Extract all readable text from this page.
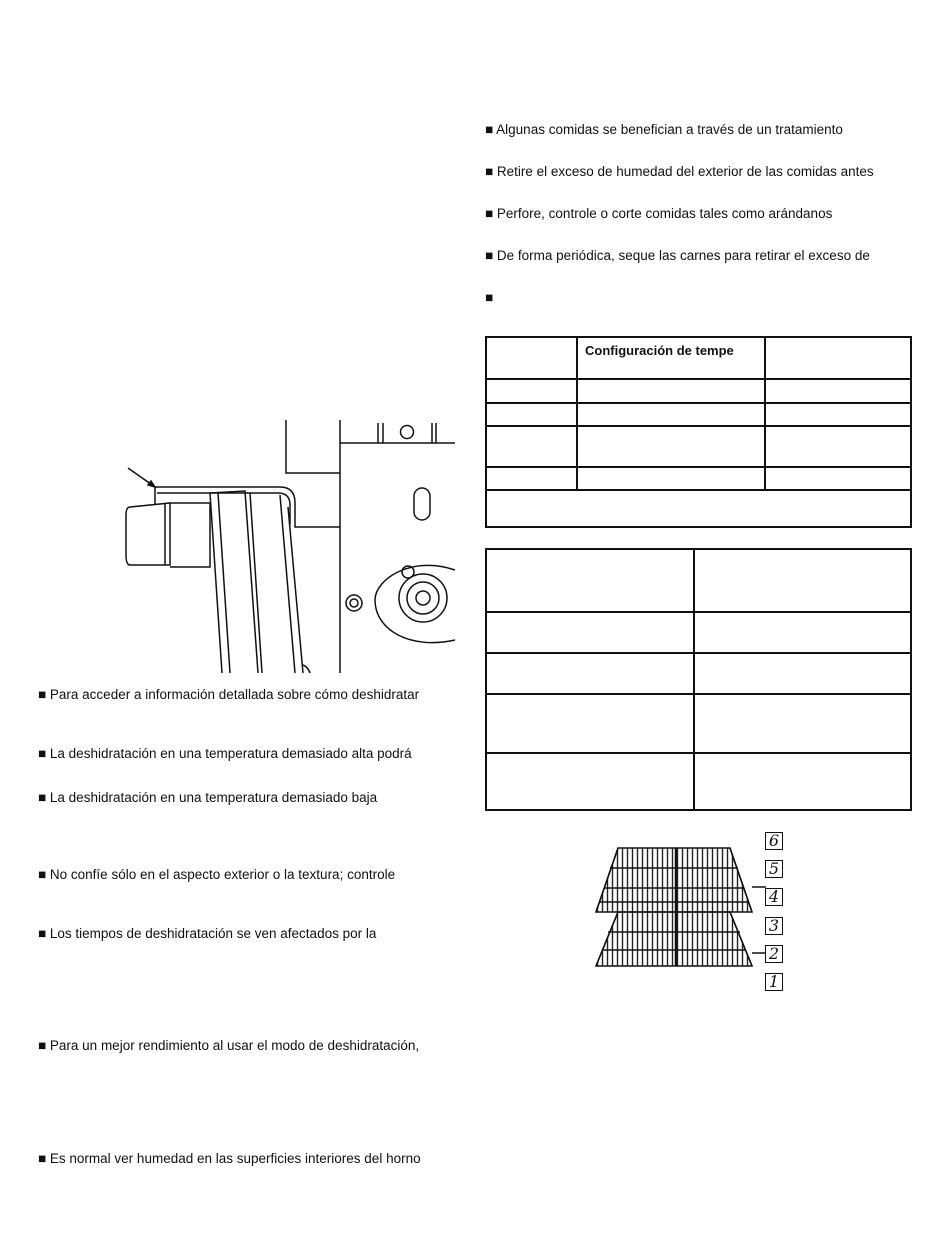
■ Algunas comidas se benefician a través de un tratamiento
■ Retire el exceso de humedad del exterior de las comidas antes
■ Perfore, controle o corte comidas tales como arándanos
■ De forma periódica, seque las carnes para retirar el exceso de
■
Configuración de tempe
6
5
4
3
2
1
■ Para acceder a información detallada sobre cómo deshidratar
■ La deshidratación en una temperatura demasiado alta podrá
■ La deshidratación en una temperatura demasiado baja
■ No confíe sólo en el aspecto exterior o la textura; controle
■ Los tiempos de deshidratación se ven afectados por la
■ Para un mejor rendimiento al usar el modo de deshidratación,
■ Es normal ver humedad en las superficies interiores del horno
